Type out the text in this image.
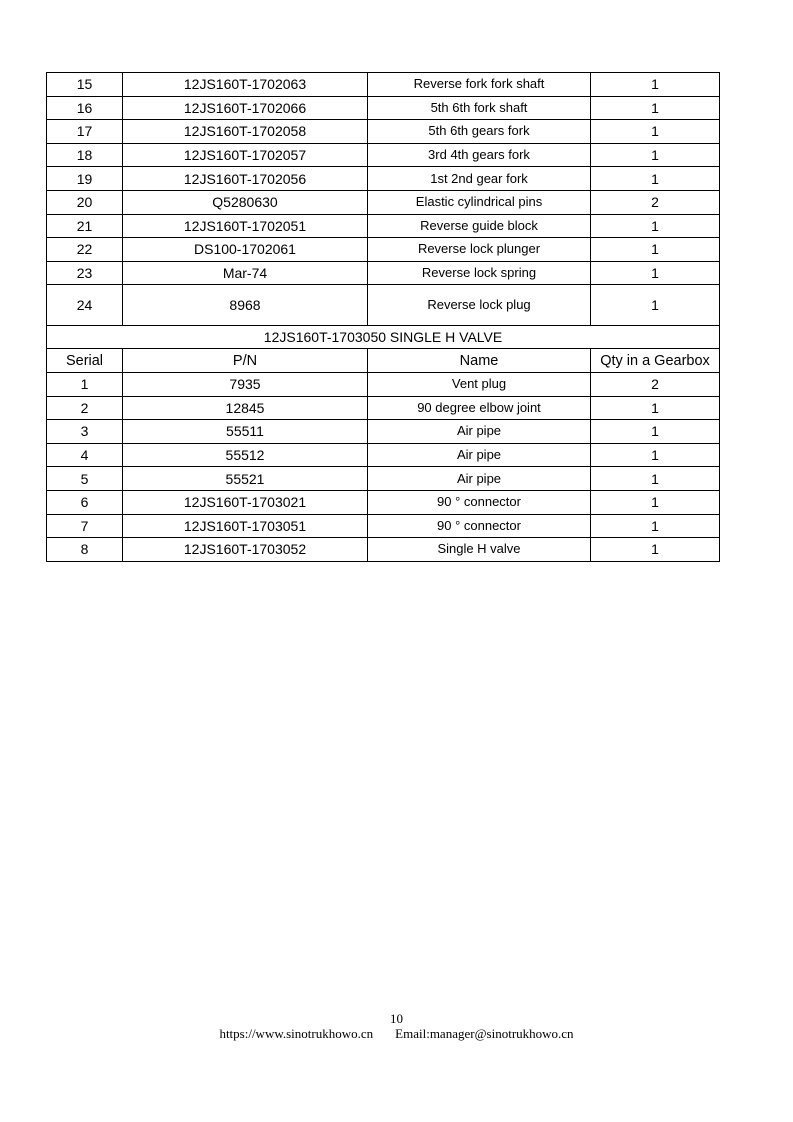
15	12JS160T-1702063	Reverse fork fork shaft	1
16	12JS160T-1702066	5th 6th fork shaft	1
17	12JS160T-1702058	5th 6th gears fork	1
18	12JS160T-1702057	3rd 4th gears fork	1
19	12JS160T-1702056	1st 2nd gear fork	1
20	Q5280630	Elastic cylindrical pins	2
21	12JS160T-1702051	Reverse guide block	1
22	DS100-1702061	Reverse lock plunger	1
23	Mar-74	Reverse lock spring	1
24	8968	Reverse lock plug	1
12JS160T-1703050 SINGLE H VALVE			
Serial	P/N	Name	Qty in a Gearbox
1	7935	Vent plug	2
2	12845	90 degree elbow joint	1
3	55511	Air pipe	1
4	55512	Air pipe	1
5	55521	Air pipe	1
6	12JS160T-1703021	90 ° connector	1
7	12JS160T-1703051	90 ° connector	1
8	12JS160T-1703052	Single H valve	1
10
https://www.sinotrukhowo.cn Email:manager@sinotrukhowo.cn
